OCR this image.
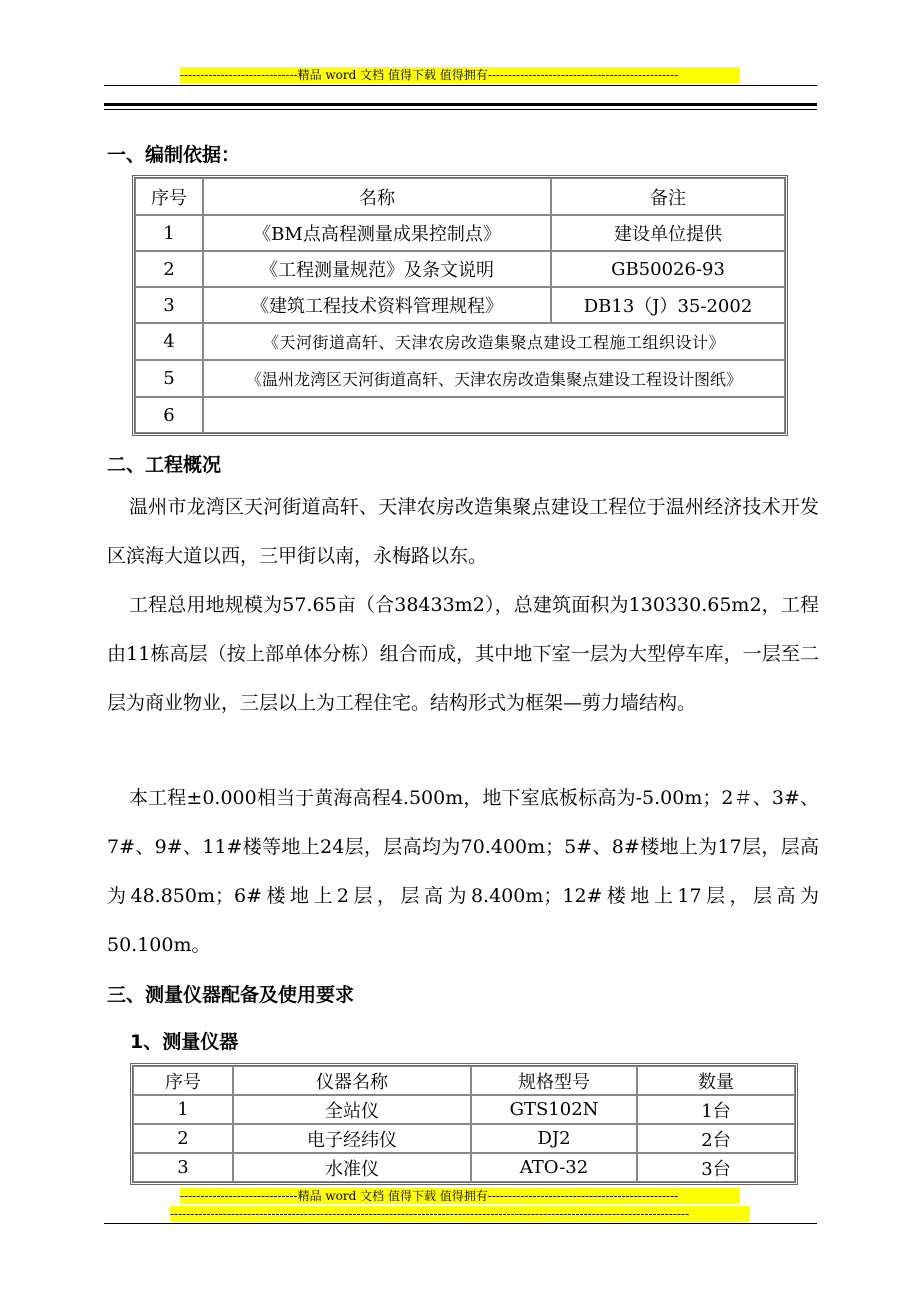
-----------------------------精品 word 文档 值得下载 值得拥有-----------------------------------------------
一、编制依据：
序号	名称	备注
1	《BM点高程测量成果控制点》	建设单位提供
2	《工程测量规范》及条文说明	GB50026-93
3	《建筑工程技术资料管理规程》	DB13（J）35-2002
4	《天河街道高轩、天津农房改造集聚点建设工程施工组织设计》	
5	《温州龙湾区天河街道高轩、天津农房改造集聚点建设工程设计图纸》	
6		
二、工程概况

温州市龙湾区天河街道高轩、天津农房改造集聚点建设工程位于温州经济技术开发区滨海大道以西，三甲街以南，永梅路以东。

工程总用地规模为57.65亩（合38433m2），总建筑面积为130330.65m2，工程由11栋高层（按上部单体分栋）组合而成，其中地下室一层为大型停车库，一层至二层为商业物业，三层以上为工程住宅。结构形式为框架—剪力墙结构。

本工程±0.000相当于黄海高程4.500m，地下室底板标高为-5.00m；2＃、3#、7#、9#、11#楼等地上24层，层高均为70.400m；5#、8#楼地上为17层，层高为48.850m；6#楼地上2层，层高为8.400m；12#楼地上17层，层高为50.100m。

三、测量仪器配备及使用要求
1、测量仪器
序号	仪器名称	规格型号	数量
1	全站仪	GTS102N	1台
2	电子经纬仪	DJ2	2台
3	水准仪	ATO-32	3台
-----------------------------精品 word 文档 值得下载 值得拥有-----------------------------------------------
--------------------------------------------------------------------------------------------------------------------------------
